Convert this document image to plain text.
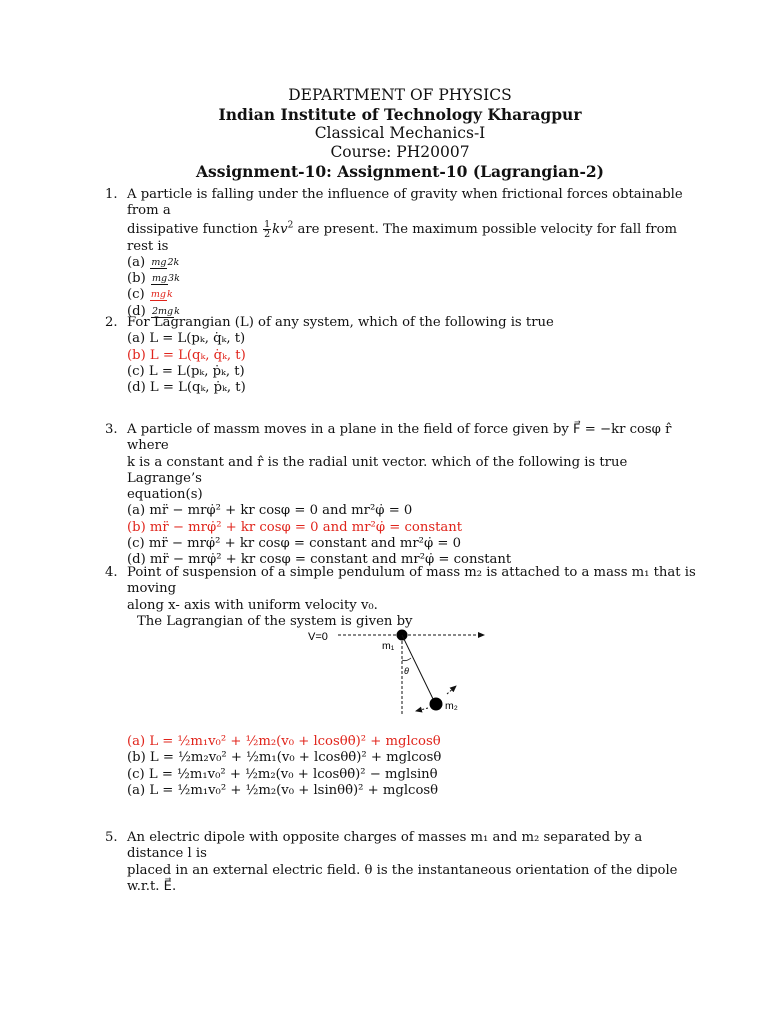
DEPARTMENT OF PHYSICS
Indian Institute of Technology Kharagpur
Classical Mechanics-I
Course: PH20007
Assignment-10: Assignment-10 (Lagrangian-2)
1. A particle is falling under the influence of gravity when frictional forces obtainable from a
dissipative function $\frac{1}{2} kv^2$ are present. The maximum possible velocity for fall from rest is
(a) mg2k
(b) mg3k
(c) mgk
(d) 2mgk
2. For Lagrangian (L) of any system, which of the following is true
(a) L = L(pₖ, q̇ₖ, t)
(b) L = L(qₖ, q̇ₖ, t)
(c) L = L(pₖ, ṗₖ, t)
(d) L = L(qₖ, ṗₖ, t)
3. A particle of massm moves in a plane in the field of force given by F⃗ = −kr cosφ r̂ where
k is a constant and r̂ is the radial unit vector. which of the following is true Lagrange’s
equation(s)
(a) mr̈ − mrφ̇² + kr cosφ = 0 and mr²φ̇ = 0
(b) mr̈ − mrφ̇² + kr cosφ = 0 and mr²φ̇ = constant
(c) mr̈ − mrφ̇² + kr cosφ = constant and mr²φ̇ = 0
(d) mr̈ − mrφ̇² + kr cosφ = constant and mr²φ̇ = constant
4. Point of suspension of a simple pendulum of mass m₂ is attached to a mass m₁ that is moving
along x- axis with uniform velocity v₀.
The Lagrangian of the system is given by
V=0
m₁
θ
m₂
(a) L = ½m₁v₀² + ½m₂(v₀ + lcosθθ̇)² + mglcosθ
(b) L = ½m₂v₀² + ½m₁(v₀ + lcosθθ̇)² + mglcosθ
(c) L = ½m₁v₀² + ½m₂(v₀ + lcosθθ̇)² − mglsinθ
(a) L = ½m₁v₀² + ½m₂(v₀ + lsinθθ̇)² + mglcosθ
5. An electric dipole with opposite charges of masses m₁ and m₂ separated by a distance l is
placed in an external electric field. θ is the instantaneous orientation of the dipole w.r.t. E⃗.
